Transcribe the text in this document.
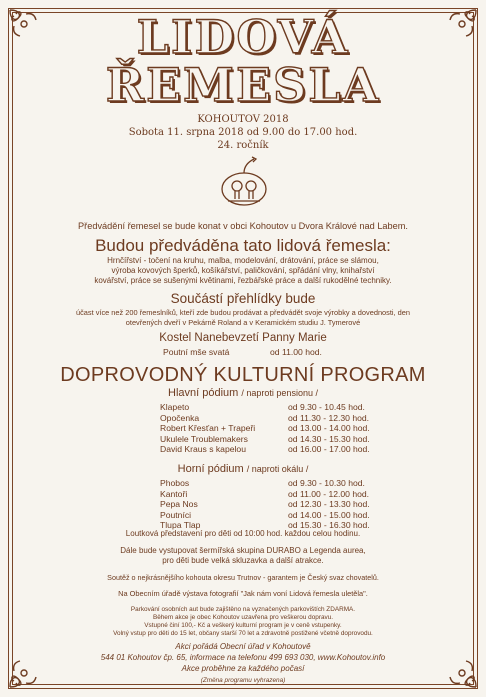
LIDOVÁ
ŘEMESLA
KOHOUTOV 2018
Sobota 11. srpna 2018 od 9.00 do 17.00 hod.
24. ročník
Předvádění řemesel se bude konat v obci Kohoutov u Dvora Králové nad Labem.
Budou předváděna tato lidová řemesla:
Hrnčířství - točení na kruhu, malba, modelování, drátování, práce se slámou,
výroba kovových šperků, košíkářství, paličkování, spřádání vlny, knihařství
kovářství, práce se sušenými květinami, řezbářské práce a další rukodělné techniky.
Součástí přehlídky bude
účast více než 200 řemeslníků, kteří zde budou prodávat a předvádět svoje výrobky a dovednosti, den
otevřených dveří v Pekárně Roland a v Keramickém studiu J. Tymerové
Kostel Nanebevzetí Panny Marie
Poutní mše svatá	od 11.00 hod.
DOPROVODNÝ KULTURNÍ PROGRAM
Hlavní pódium / naproti pensionu /
Klapeto	od 9.30 - 10.45 hod.
Opočenka	od 11.30 - 12.30 hod.
Robert Křesťan + Trapeři	od 13.00 - 14.00 hod.
Ukulele Troublemakers	od 14.30 - 15.30 hod.
David Kraus s kapelou	od 16.00 - 17.00 hod.
Horní pódium / naproti okálu /
Phobos	od 9.30 - 10.30 hod.
Kantoři	od 11.00 - 12.00 hod.
Pepa Nos	od 12.30 - 13.30 hod.
Poutníci	od 14.00 - 15.00 hod.
Tlupa Tlap	od 15.30 - 16.30 hod.
Loutková představení pro děti od 10:00 hod. každou celou hodinu.
Dále bude vystupovat šermířská skupina DURABO a Legenda aurea,
pro děti bude velká skluzavka a další atrakce.
Soutěž o nejkrásnějšího kohouta okresu Trutnov - garantem je Český svaz chovatelů.
Na Obecním úřadě výstava fotografií "Jak nám voní Lidová řemesla uletěla".
Parkování osobních aut bude zajištěno na vyznačených parkovištích ZDARMA.
Během akce je obec Kohoutov uzavřena pro veškerou dopravu.
Vstupné činí 100,- Kč a veškerý kulturní program je v ceně vstupenky.
Volný vstup pro děti do 15 let, občany starší 70 let a zdravotně postižené včetně doprovodu.
Akci pořádá Obecní úřad v Kohoutově
544 01 Kohoutov čp. 65, informace na telefonu 499 693 030, www.Kohoutov.info
Akce proběhne za každého počasí
(Změna programu vyhrazena)
